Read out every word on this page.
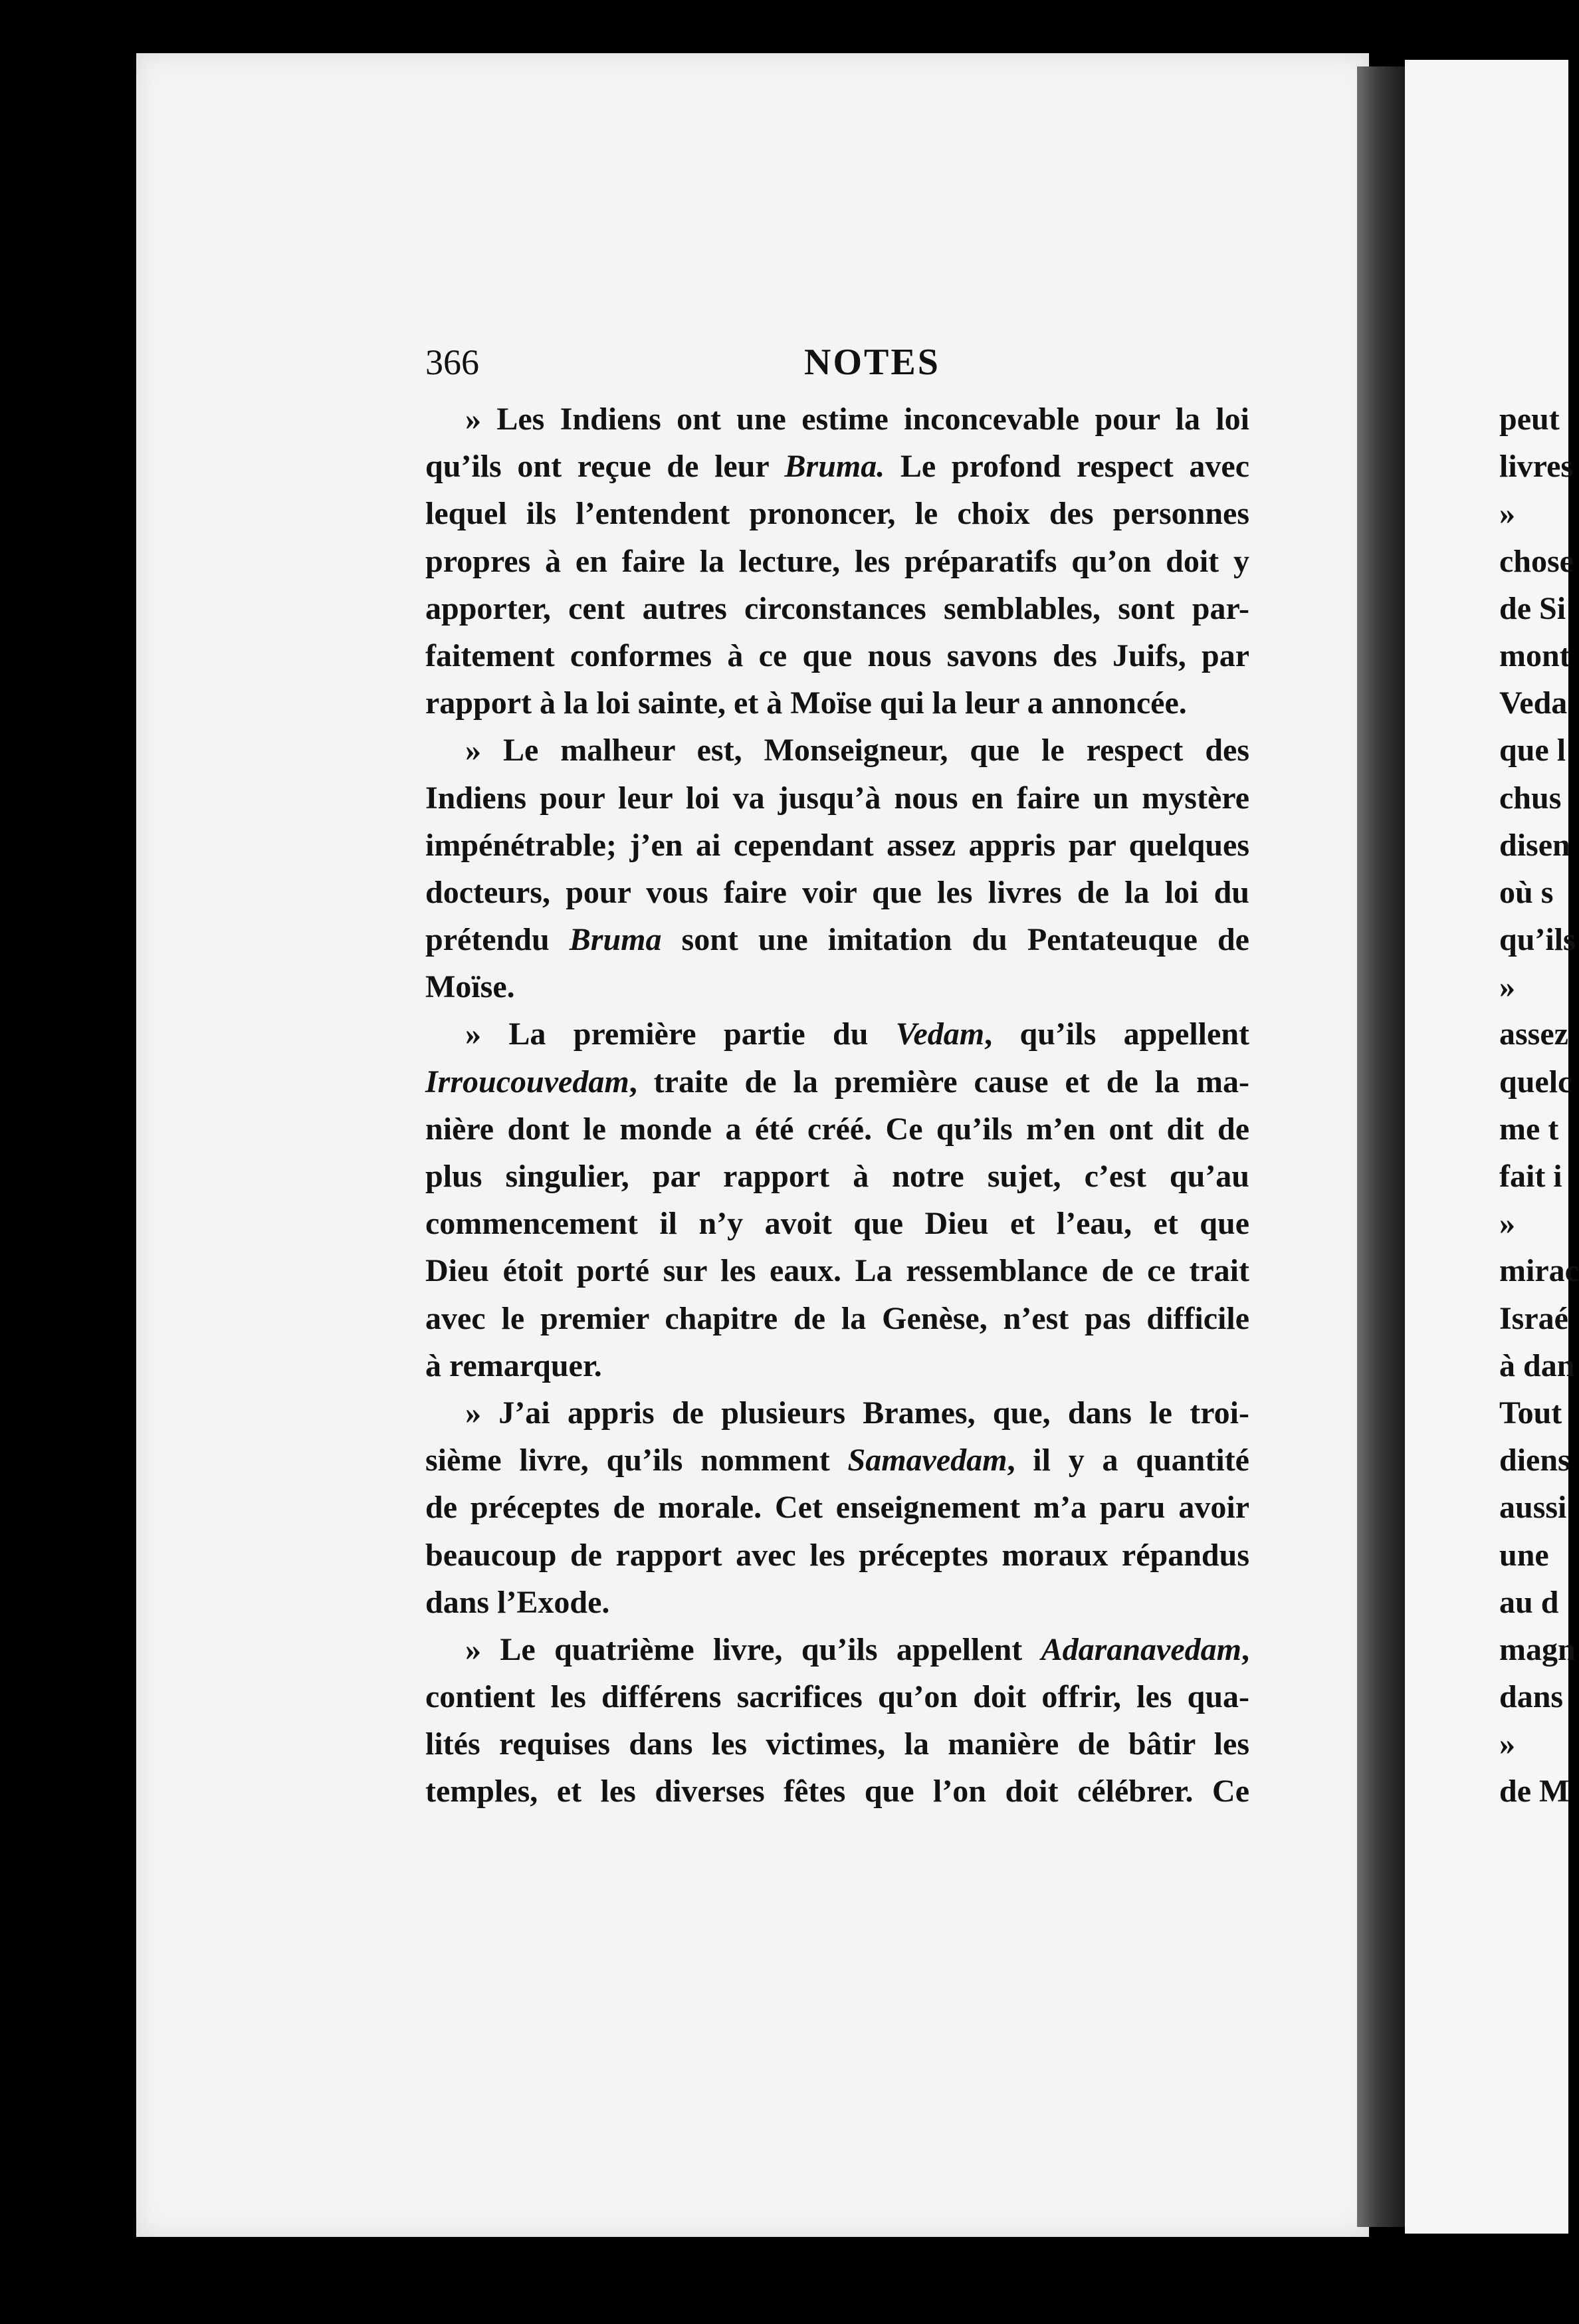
366	NOTES
» Les Indiens ont une estime inconcevable pour la loi
qu’ils ont reçue de leur Bruma. Le profond respect avec
lequel ils l’entendent prononcer, le choix des personnes
propres à en faire la lecture, les préparatifs qu’on doit y
apporter, cent autres circonstances semblables, sont par-
faitement conformes à ce que nous savons des Juifs, par
rapport à la loi sainte, et à Moïse qui la leur a annoncée.
» Le malheur est, Monseigneur, que le respect des
Indiens pour leur loi va jusqu’à nous en faire un mystère
impénétrable; j’en ai cependant assez appris par quelques
docteurs, pour vous faire voir que les livres de la loi du
prétendu Bruma sont une imitation du Pentateuque de
Moïse.
» La première partie du Vedam, qu’ils appellent
Irroucouvedam, traite de la première cause et de la ma-
nière dont le monde a été créé. Ce qu’ils m’en ont dit de
plus singulier, par rapport à notre sujet, c’est qu’au
commencement il n’y avoit que Dieu et l’eau, et que
Dieu étoit porté sur les eaux. La ressemblance de ce trait
avec le premier chapitre de la Genèse, n’est pas difficile
à remarquer.
» J’ai appris de plusieurs Brames, que, dans le troi-
sième livre, qu’ils nomment Samavedam, il y a quantité
de préceptes de morale. Cet enseignement m’a paru avoir
beaucoup de rapport avec les préceptes moraux répandus
dans l’Exode.
» Le quatrième livre, qu’ils appellent Adaranavedam,
contient les différens sacrifices qu’on doit offrir, les qua-
lités requises dans les victimes, la manière de bâtir les
temples, et les diverses fêtes que l’on doit célébrer. Ce
peut
livres
»
chose
de Si
mont
Veda
que l
chus
disen
où s
qu’ils
»
assez
quelc
me t
fait i
»
mirac
Israé
à dan
Tout
diens
aussi
une
au d
magn
dans
»
de M
